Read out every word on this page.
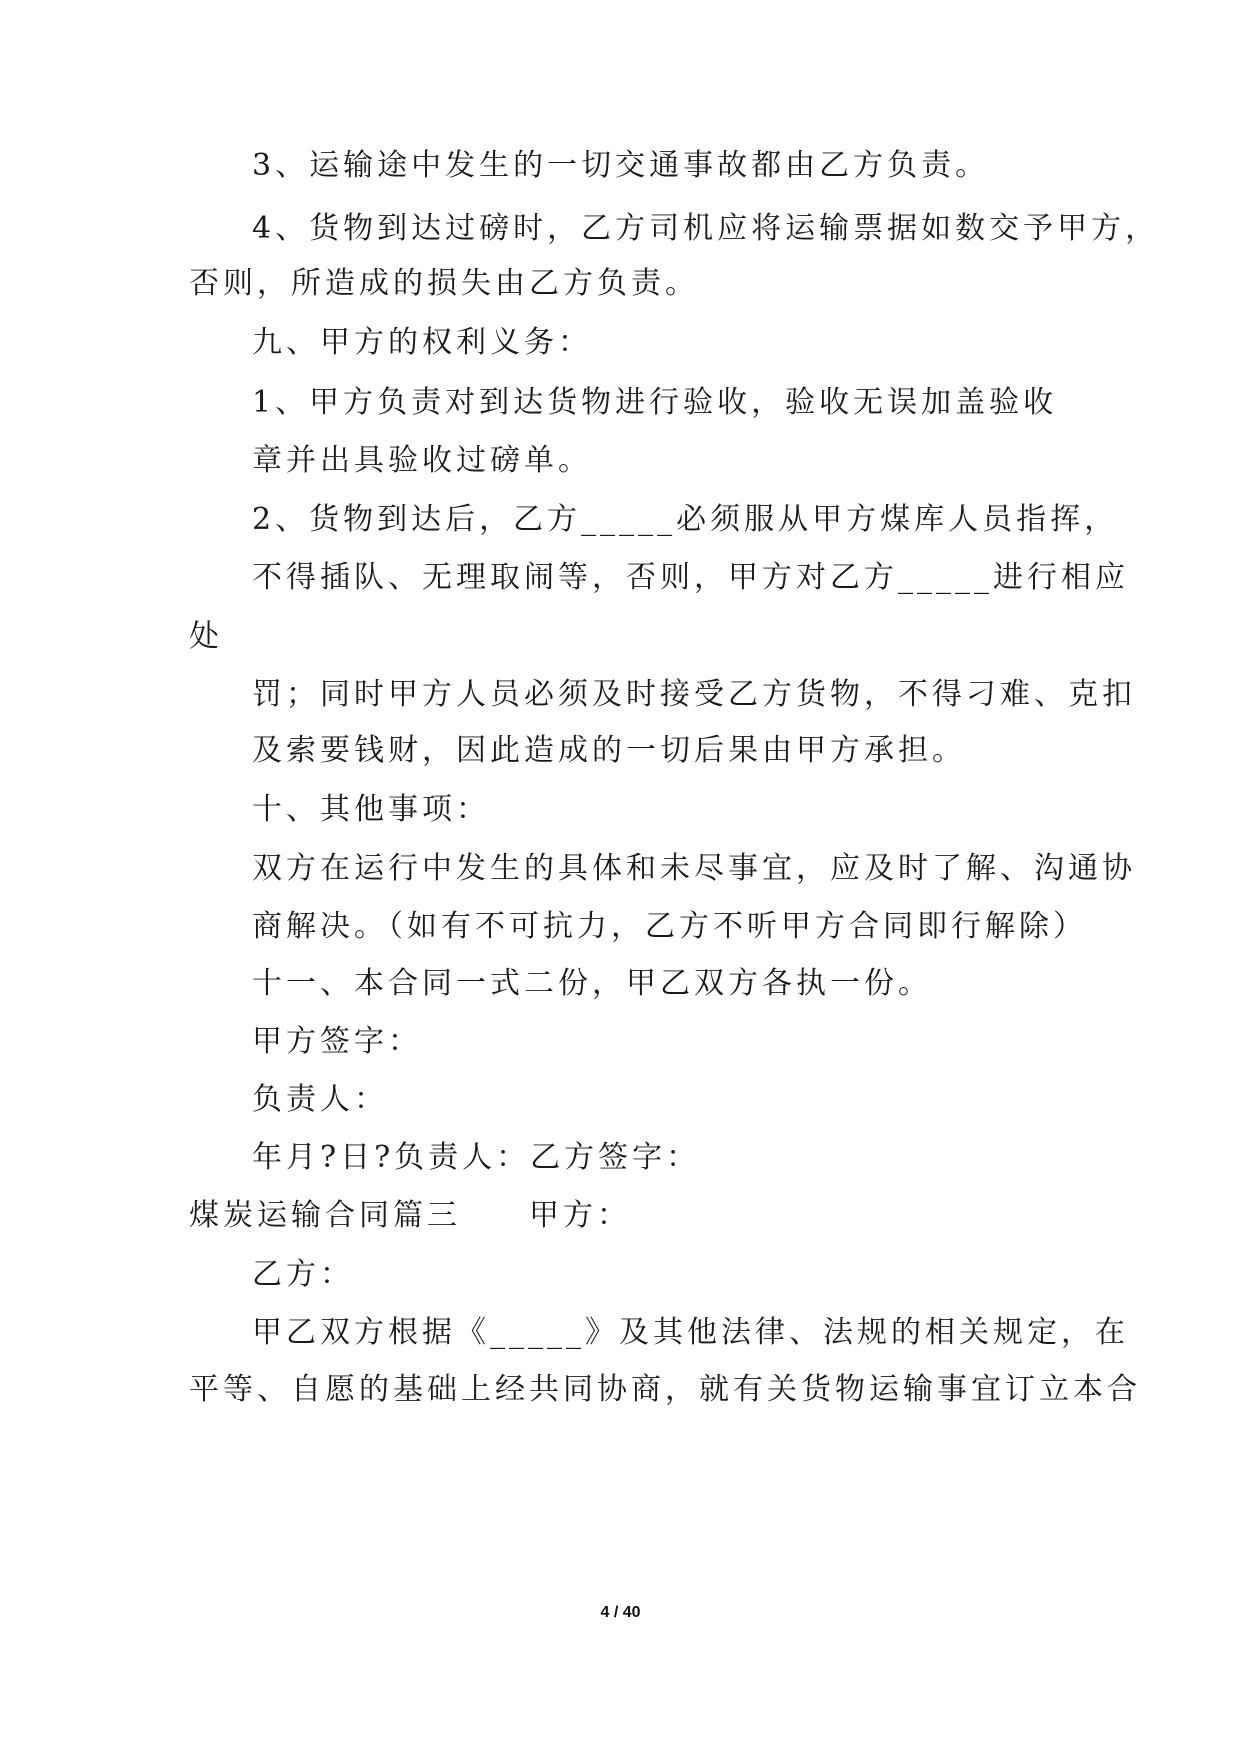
3、运输途中发生的一切交通事故都由乙方负责。
4、货物到达过磅时，乙方司机应将运输票据如数交予甲方，
否则，所造成的损失由乙方负责。
九、甲方的权利义务：
1、甲方负责对到达货物进行验收，验收无误加盖验收
章并出具验收过磅单。
2、货物到达后，乙方_____必须服从甲方煤库人员指挥，
不得插队、无理取闹等，否则，甲方对乙方_____进行相应
处
罚；同时甲方人员必须及时接受乙方货物，不得刁难、克扣
及索要钱财，因此造成的一切后果由甲方承担。
十、其他事项：
双方在运行中发生的具体和未尽事宜，应及时了解、沟通协
商解决。（如有不可抗力，乙方不听甲方合同即行解除）
十一、本合同一式二份，甲乙双方各执一份。
甲方签字：
负责人：
年月?日?负责人：乙方签字：
煤炭运输合同篇三　　甲方：
乙方：
甲乙双方根据《_____》及其他法律、法规的相关规定，在
平等、自愿的基础上经共同协商，就有关货物运输事宜订立本合
4 / 40
